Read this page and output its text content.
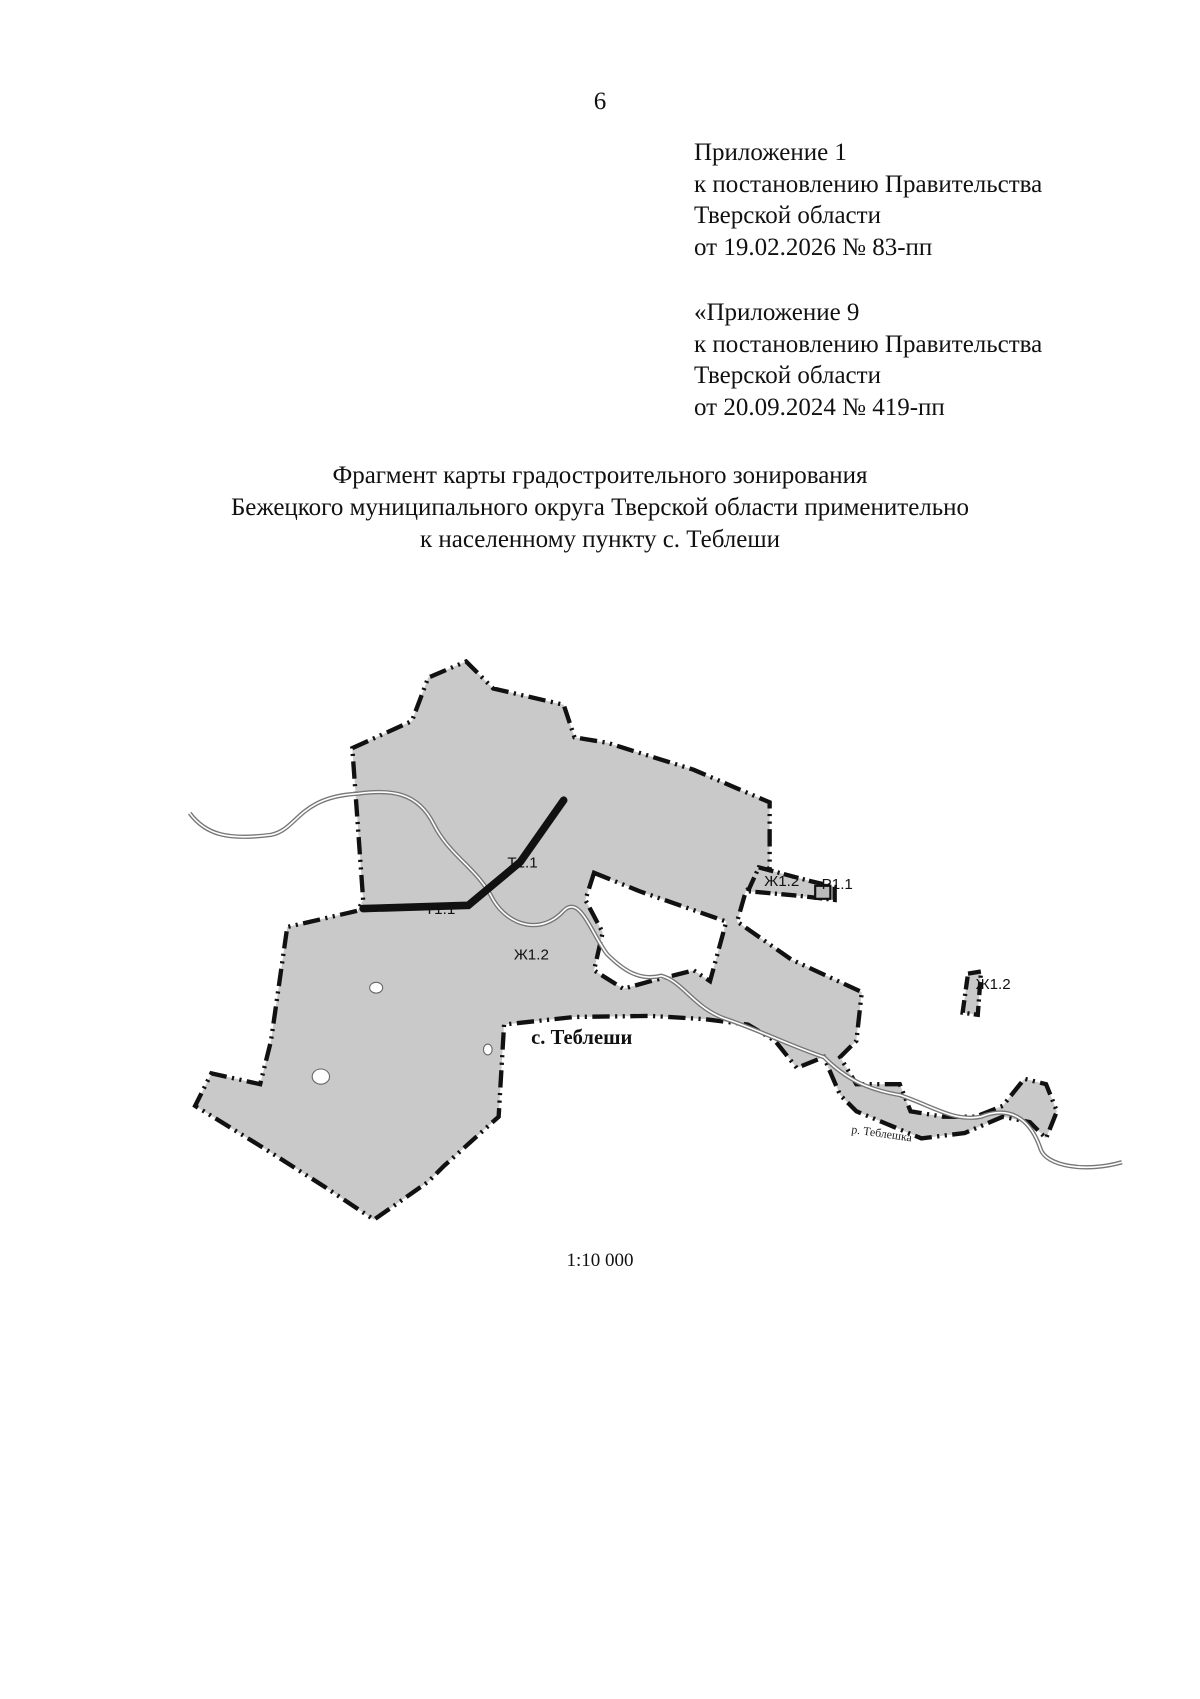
6
Приложение 1
к постановлению Правительства
Тверской области
от 19.02.2026 № 83-пп
«Приложение 9
к постановлению Правительства
Тверской области
от 20.09.2024 № 419-пп
Фрагмент карты градостроительного зонирования
Бежецкого муниципального округа Тверской области применительно
к населенному пункту с. Теблеши
Т1.1
Т1.1
Ж1.2
Ж1.2 Р1.1
Ж1.2
с. Теблеши
р. Теблешка
1:10 000
